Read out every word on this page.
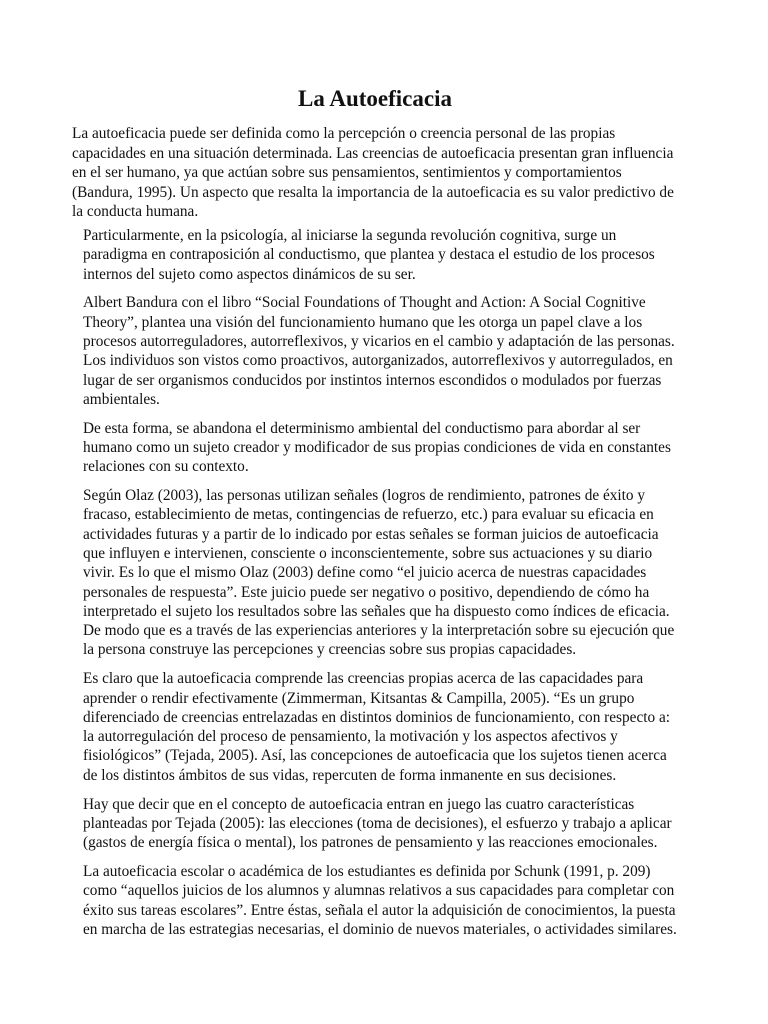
La Autoeficacia

La autoeficacia puede ser definida como la percepción o creencia personal de las propias capacidades en una situación determinada. Las creencias de autoeficacia presentan gran influencia en el ser humano, ya que actúan sobre sus pensamientos, sentimientos y comportamientos (Bandura, 1995). Un aspecto que resalta la importancia de la autoeficacia es su valor predictivo de la conducta humana.

Particularmente, en la psicología, al iniciarse la segunda revolución cognitiva, surge un paradigma en contraposición al conductismo, que plantea y destaca el estudio de los procesos internos del sujeto como aspectos dinámicos de su ser.

Albert Bandura con el libro “Social Foundations of Thought and Action: A Social Cognitive Theory”, plantea una visión del funcionamiento humano que les otorga un papel clave a los procesos autorreguladores, autorreflexivos, y vicarios en el cambio y adaptación de las personas. Los individuos son vistos como proactivos, autorganizados, autorreflexivos y autorregulados, en lugar de ser organismos conducidos por instintos internos escondidos o modulados por fuerzas ambientales.

De esta forma, se abandona el determinismo ambiental del conductismo para abordar al ser humano como un sujeto creador y modificador de sus propias condiciones de vida en constantes relaciones con su contexto.

Según Olaz (2003), las personas utilizan señales (logros de rendimiento, patrones de éxito y fracaso, establecimiento de metas, contingencias de refuerzo, etc.) para evaluar su eficacia en actividades futuras y a partir de lo indicado por estas señales se forman juicios de autoeficacia que influyen e intervienen, consciente o inconscientemente, sobre sus actuaciones y su diario vivir. Es lo que el mismo Olaz (2003) define como “el juicio acerca de nuestras capacidades personales de respuesta”. Este juicio puede ser negativo o positivo, dependiendo de cómo ha interpretado el sujeto los resultados sobre las señales que ha dispuesto como índices de eficacia. De modo que es a través de las experiencias anteriores y la interpretación sobre su ejecución que la persona construye las percepciones y creencias sobre sus propias capacidades.

Es claro que la autoeficacia comprende las creencias propias acerca de las capacidades para aprender o rendir efectivamente (Zimmerman, Kitsantas & Campilla, 2005). “Es un grupo diferenciado de creencias entrelazadas en distintos dominios de funcionamiento, con respecto a: la autorregulación del proceso de pensamiento, la motivación y los aspectos afectivos y fisiológicos” (Tejada, 2005). Así, las concepciones de autoeficacia que los sujetos tienen acerca de los distintos ámbitos de sus vidas, repercuten de forma inmanente en sus decisiones.

Hay que decir que en el concepto de autoeficacia entran en juego las cuatro características planteadas por Tejada (2005): las elecciones (toma de decisiones), el esfuerzo y trabajo a aplicar (gastos de energía física o mental), los patrones de pensamiento y las reacciones emocionales.

La autoeficacia escolar o académica de los estudiantes es definida por Schunk (1991, p. 209) como “aquellos juicios de los alumnos y alumnas relativos a sus capacidades para completar con éxito sus tareas escolares”. Entre éstas, señala el autor la adquisición de conocimientos, la puesta en marcha de las estrategias necesarias, el dominio de nuevos materiales, o actividades similares.
